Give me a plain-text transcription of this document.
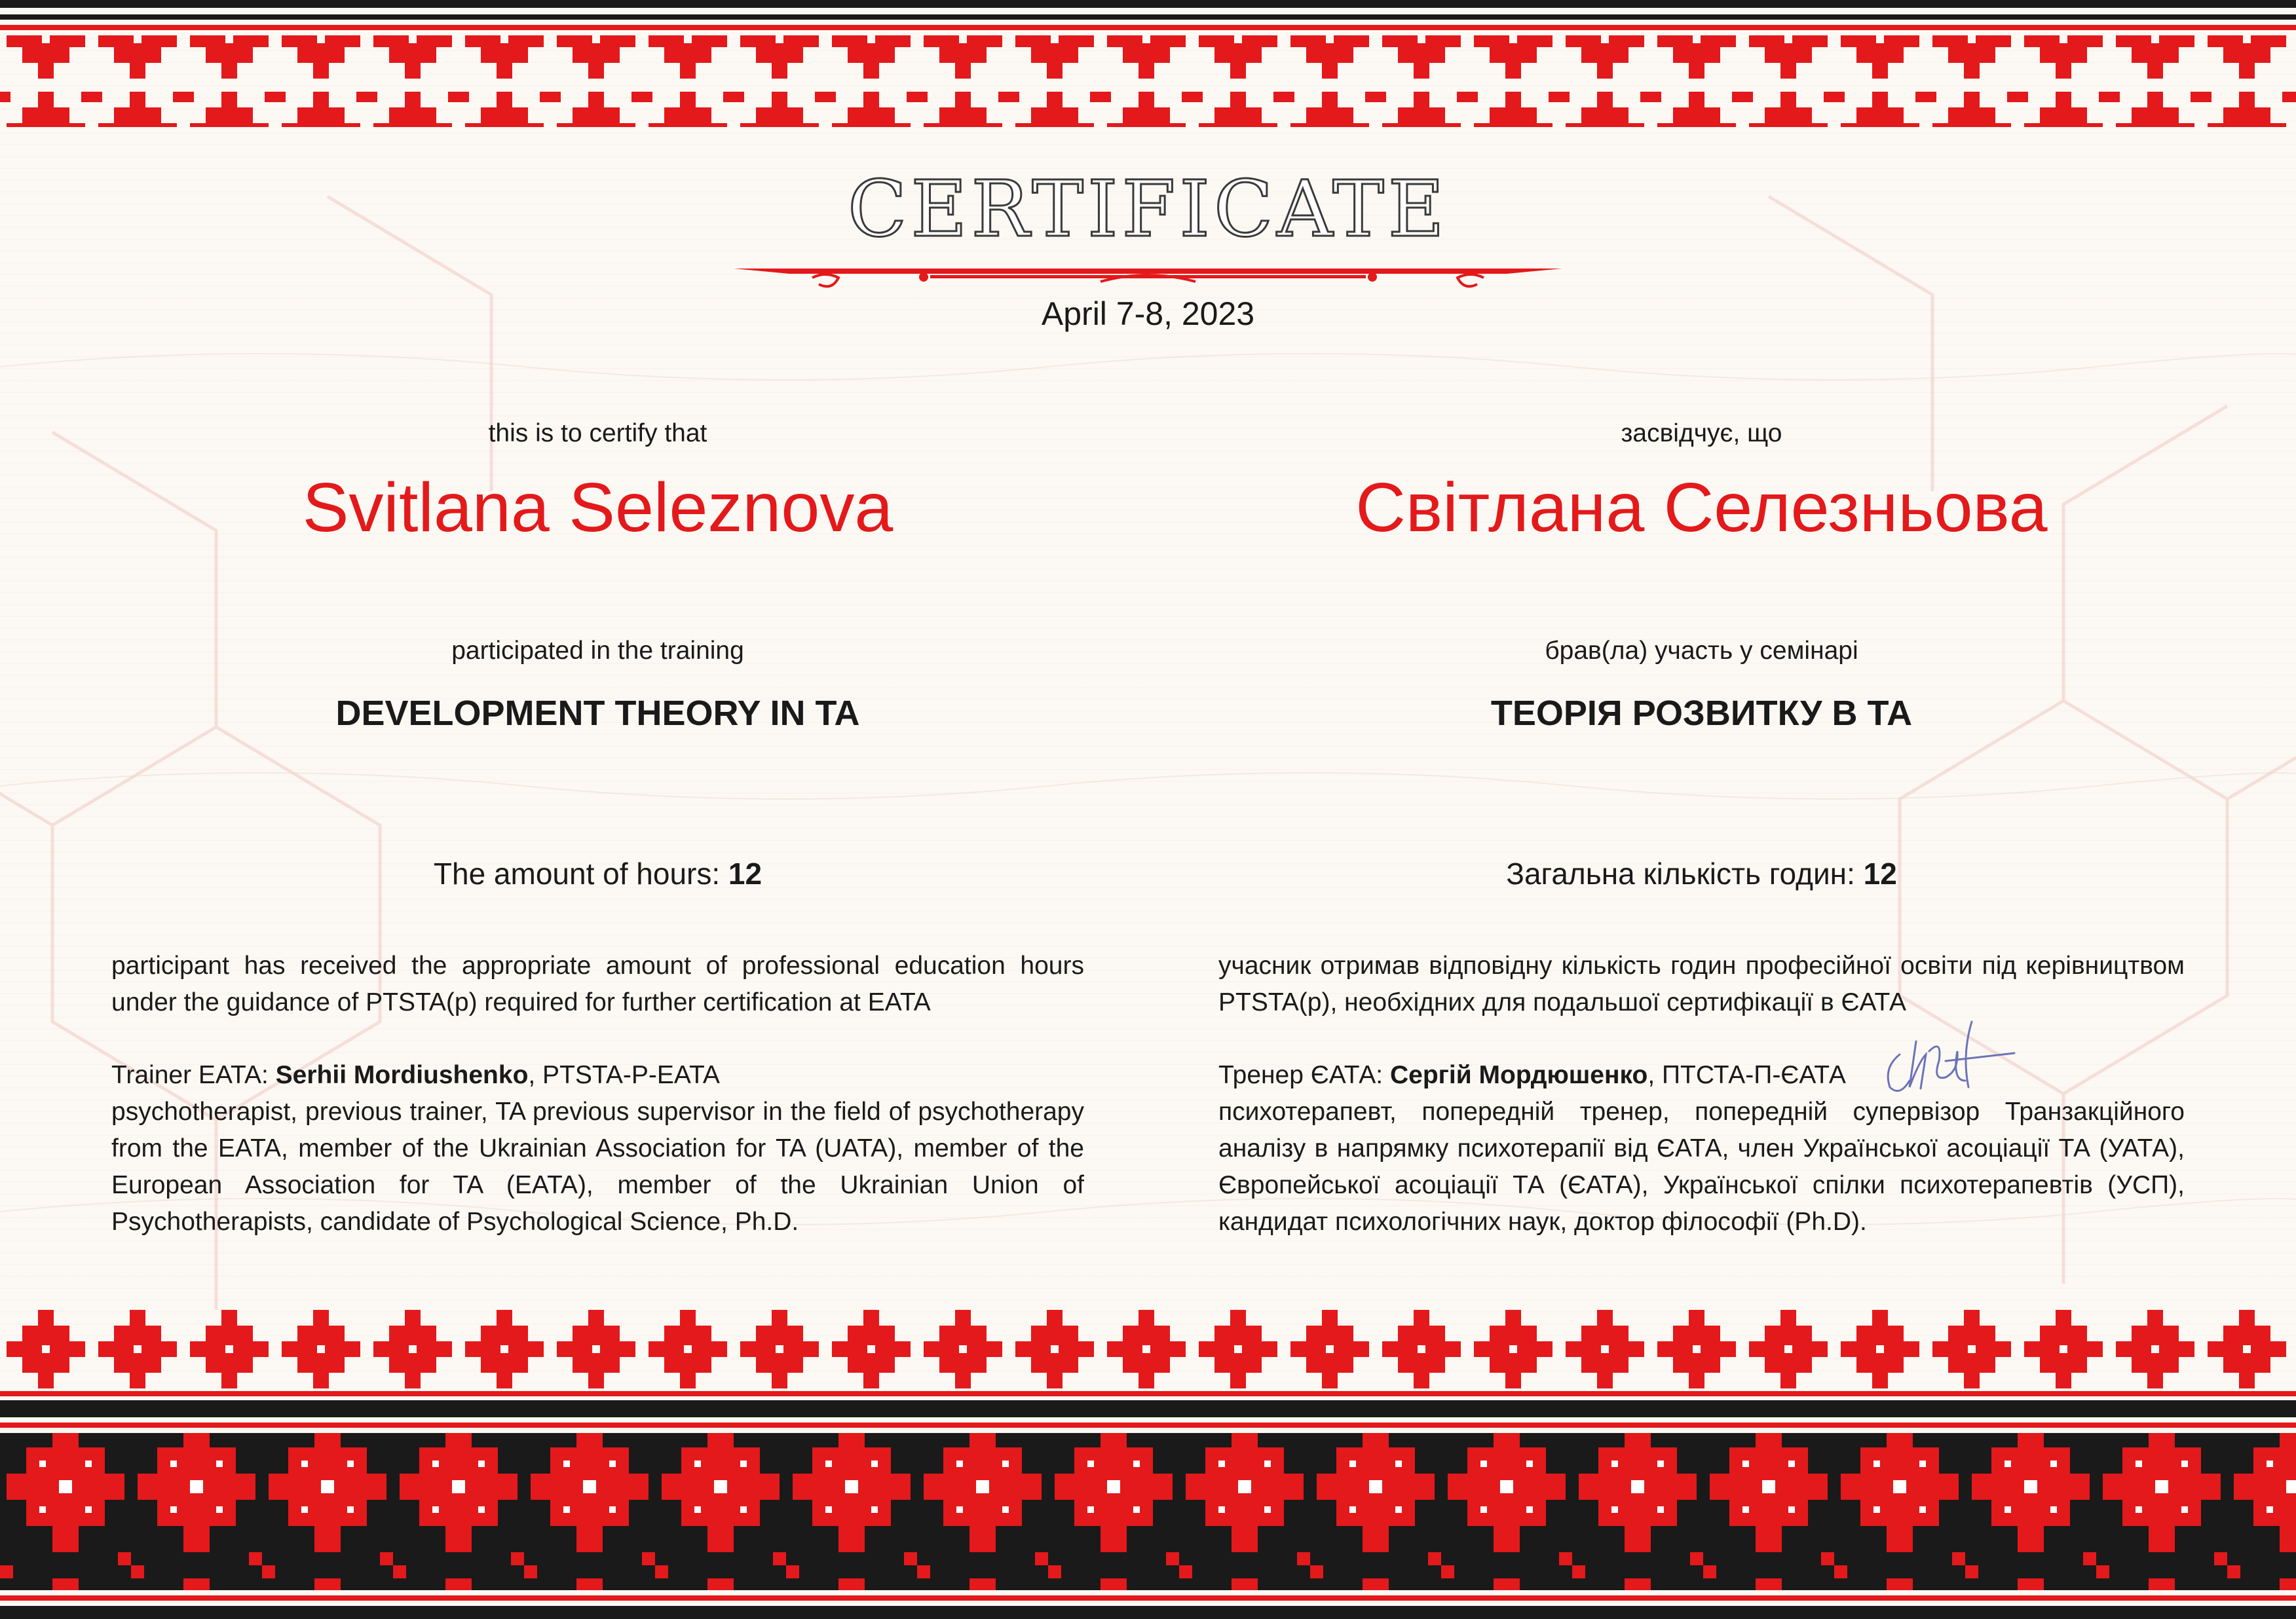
CERTIFICATE
April 7-8, 2023
this is to certify that
Svitlana Seleznova
participated in the training
DEVELOPMENT THEORY IN TA
The amount of hours: 12
participant has received the appropriate amount of professional education hours under the guidance of PTSTA(p) required for further certification at EATA
Trainer EATA: Serhii Mordiushenko, PTSTA-P-EATA
psychotherapist, previous trainer, TA previous supervisor in the field of psychotherapy from the EATA, member of the Ukrainian Association for TA (UATA), member of the European Association for TA (EATA), member of the Ukrainian Union of Psychotherapists, candidate of Psychological Science, Ph.D.
засвідчує, що
Світлана Селезньова
брав(ла) участь у семінарі
ТЕОРІЯ РОЗВИТКУ В ТА
Загальна кількість годин: 12
учасник отримав відповідну кількість годин професійної освіти під керівництвом PTSTA(p), необхідних для подальшої сертифікації в ЄАТА
Тренер ЄАТА: Сергій Мордюшенко, ПТСТА-П-ЄАТА
психотерапевт, попередній тренер, попередній супервізор Транзакційного аналізу в напрямку психотерапії від ЄАТА, член Української асоціації ТА (УАТА), Європейської асоціації ТА (ЄАТА), Української спілки психотерапевтів (УСП), кандидат психологічних наук, доктор філософії (Ph.D).
